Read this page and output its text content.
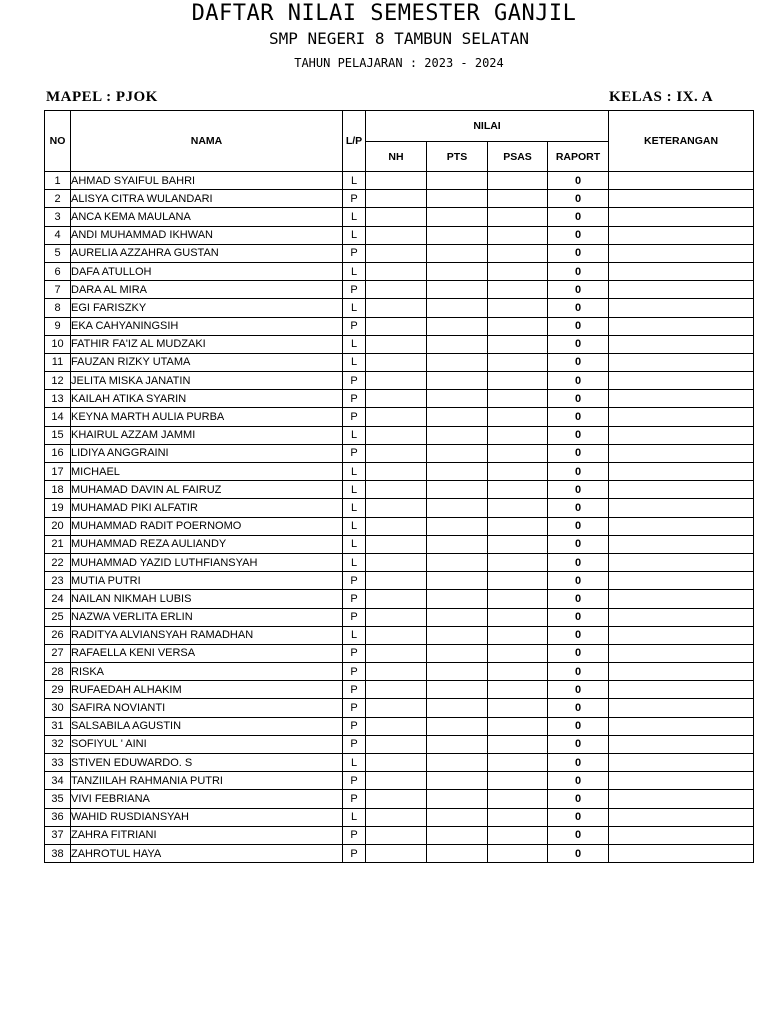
DAFTAR NILAI SEMESTER GANJIL
SMP NEGERI 8 TAMBUN SELATAN
TAHUN PELAJARAN : 2023 - 2024
MAPEL : PJOK	KELAS : IX. A
NO	NAMA	L/P	NILAI				KETERANGAN
			NH	PTS	PSAS	RAPORT	
1	AHMAD SYAIFUL BAHRI	L				0	
2	ALISYA CITRA WULANDARI	P				0	
3	ANCA KEMA MAULANA	L				0	
4	ANDI MUHAMMAD IKHWAN	L				0	
5	AURELIA AZZAHRA GUSTAN	P				0	
6	DAFA ATULLOH	L				0	
7	DARA AL MIRA	P				0	
8	EGI FARISZKY	L				0	
9	EKA CAHYANINGSIH	P				0	
10	FATHIR FA'IZ AL MUDZAKI	L				0	
11	FAUZAN RIZKY UTAMA	L				0	
12	JELITA MISKA JANATIN	P				0	
13	KAILAH ATIKA SYARIN	P				0	
14	KEYNA MARTH AULIA PURBA	P				0	
15	KHAIRUL AZZAM JAMMI	L				0	
16	LIDIYA ANGGRAINI	P				0	
17	MICHAEL	L				0	
18	MUHAMAD DAVIN AL FAIRUZ	L				0	
19	MUHAMAD PIKI ALFATIR	L				0	
20	MUHAMMAD RADIT POERNOMO	L				0	
21	MUHAMMAD REZA AULIANDY	L				0	
22	MUHAMMAD YAZID LUTHFIANSYAH	L				0	
23	MUTIA PUTRI	P				0	
24	NAILAN NIKMAH LUBIS	P				0	
25	NAZWA VERLITA ERLIN	P				0	
26	RADITYA ALVIANSYAH RAMADHAN	L				0	
27	RAFAELLA KENI VERSA	P				0	
28	RISKA	P				0	
29	RUFAEDAH ALHAKIM	P				0	
30	SAFIRA NOVIANTI	P				0	
31	SALSABILA AGUSTIN	P				0	
32	SOFIYUL ' AINI	P				0	
33	STIVEN EDUWARDO. S	L				0	
34	TANZIILAH RAHMANIA PUTRI	P				0	
35	VIVI FEBRIANA	P				0	
36	WAHID RUSDIANSYAH	L				0	
37	ZAHRA FITRIANI	P				0	
38	ZAHROTUL HAYA	P				0	
